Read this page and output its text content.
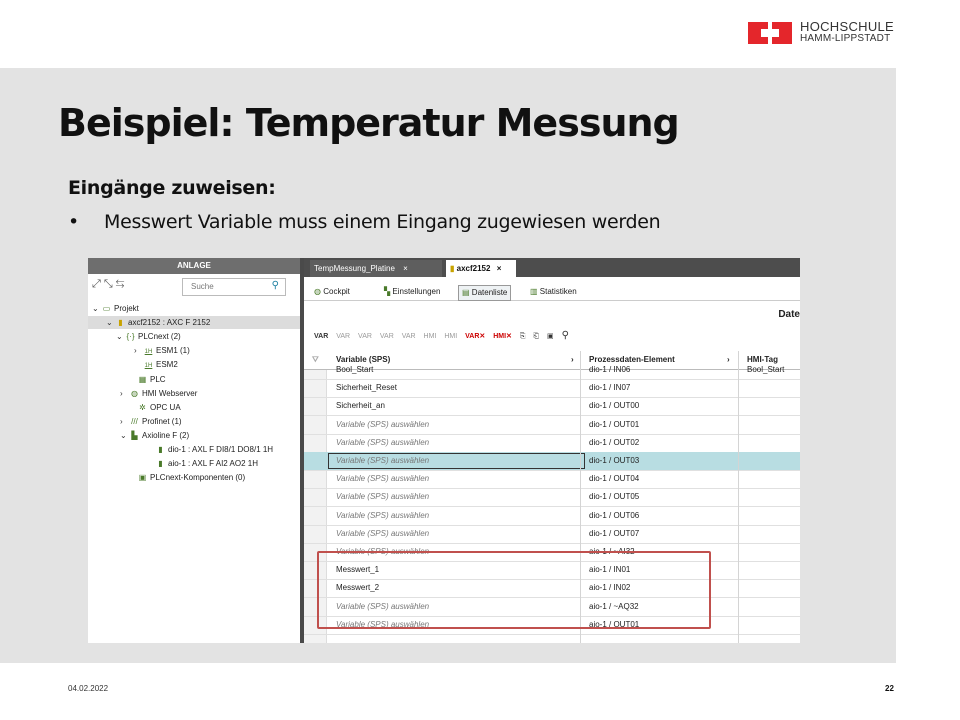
HOCHSCHULE
HAMM-LIPPSTADT
Beispiel: Temperatur Messung
Eingänge zuweisen:
• Messwert Variable muss einem Eingang zugewiesen werden
ANLAGE
⤢⤡⇆	Suche	⚲
⌄ ▭ Projekt
⌄ ▮ axcf2152 : AXC F 2152
⌄ {·} PLCnext (2)
› 1H ESM1 (1)
1H ESM2
▦ PLC
› ◍ HMI Webserver
✲ OPC UA
› /// Profinet (1)
⌄ ▙ Axioline F (2)
▮ dio-1 : AXL F DI8/1 DO8/1 1H
▮ aio-1 : AXL F AI2 AO2 1H
▣ PLCnext-Komponenten (0)
TempMessung_Platine ×	▮ axcf2152 ×
◍ Cockpit	▚ Einstellungen	▤ Datenliste	▥ Statistiken
Date
VAR VAR VAR VAR VAR HMI HMI VAR✕ HMI✕ ⎘ ⎗ ▣ ⚲
⛛ Variable (SPS)	› Prozessdaten-Element	› HMI-Tag
Bool_Start	dio-1 / IN06	Bool_Start
Sicherheit_Reset	dio-1 / IN07
Sicherheit_an	dio-1 / OUT00
Variable (SPS) auswählen	dio-1 / OUT01
Variable (SPS) auswählen	dio-1 / OUT02
Variable (SPS) auswählen	dio-1 / OUT03
Variable (SPS) auswählen	dio-1 / OUT04
Variable (SPS) auswählen	dio-1 / OUT05
Variable (SPS) auswählen	dio-1 / OUT06
Variable (SPS) auswählen	dio-1 / OUT07
Variable (SPS) auswählen	aio-1 / ~AI32
Messwert_1	aio-1 / IN01
Messwert_2	aio-1 / IN02
Variable (SPS) auswählen	aio-1 / ~AQ32
Variable (SPS) auswählen	aio-1 / OUT01
04.02.2022	22
